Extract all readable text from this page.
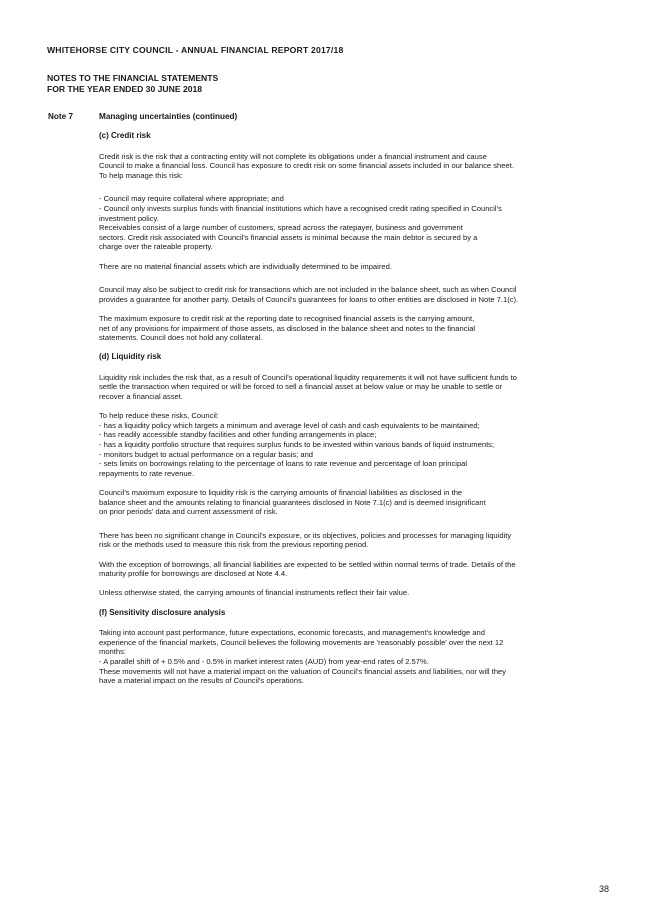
WHITEHORSE CITY COUNCIL - ANNUAL FINANCIAL REPORT 2017/18
NOTES TO THE FINANCIAL STATEMENTS
FOR THE YEAR ENDED 30 JUNE 2018
Note 7	Managing uncertainties (continued)
(c) Credit risk

Credit risk is the risk that a contracting entity will not complete its obligations under a financial instrument and cause
Council to make a financial loss. Council has exposure to credit risk on some financial assets included in our balance sheet.
To help manage this risk:

- Council may require collateral where appropriate; and
- Council only invests surplus funds with financial institutions which have a recognised credit rating specified in Council's
investment policy.
Receivables consist of a large number of customers, spread across the ratepayer, business and government
sectors. Credit risk associated with Council's financial assets is minimal because the main debtor is secured by a
charge over the rateable property.

There are no material financial assets which are individually determined to be impaired.

Council may also be subject to credit risk for transactions which are not included in the balance sheet, such as when Council
provides a guarantee for another party. Details of Council's guarantees for loans to other entities are disclosed in Note 7.1(c).

The maximum exposure to credit risk at the reporting date to recognised financial assets is the carrying amount,
net of any provisions for impairment of those assets, as disclosed in the balance sheet and notes to the financial
statements. Council does not hold any collateral.

(d) Liquidity risk

Liquidity risk includes the risk that, as a result of Council's operational liquidity requirements it will not have sufficient funds to
settle the transaction when required or will be forced to sell a financial asset at below value or may be unable to settle or
recover a financial asset.

To help reduce these risks, Council:
- has a liquidity policy which targets a minimum and average level of cash and cash equivalents to be maintained;
- has readily accessible standby facilities and other funding arrangements in place;
- has a liquidity portfolio structure that requires surplus funds to be invested within various bands of liquid instruments;
- monitors budget to actual performance on a regular basis; and
- sets limits on borrowings relating to the percentage of loans to rate revenue and percentage of loan principal
repayments to rate revenue.

Council's maximum exposure to liquidity risk is the carrying amounts of financial liabilities as disclosed in the
balance sheet and the amounts relating to financial guarantees disclosed in Note 7.1(c) and is deemed insignificant
on prior periods' data and current assessment of risk.

There has been no significant change in Council's exposure, or its objectives, policies and processes for managing liquidity
risk or the methods used to measure this risk from the previous reporting period.

With the exception of borrowings, all financial liabilities are expected to be settled within normal terms of trade. Details of the
maturity profile for borrowings are disclosed at Note 4.4.

Unless otherwise stated, the carrying amounts of financial instruments reflect their fair value.

(f) Sensitivity disclosure analysis

Taking into account past performance, future expectations, economic forecasts, and management's knowledge and
experience of the financial markets, Council believes the following movements are 'reasonably possible' over the next 12
months:
- A parallel shift of + 0.5% and - 0.5% in market interest rates (AUD) from year-end rates of 2.57%.
These movements will not have a material impact on the valuation of Council's financial assets and liabilities, nor will they
have a material impact on the results of Council's operations.

38
